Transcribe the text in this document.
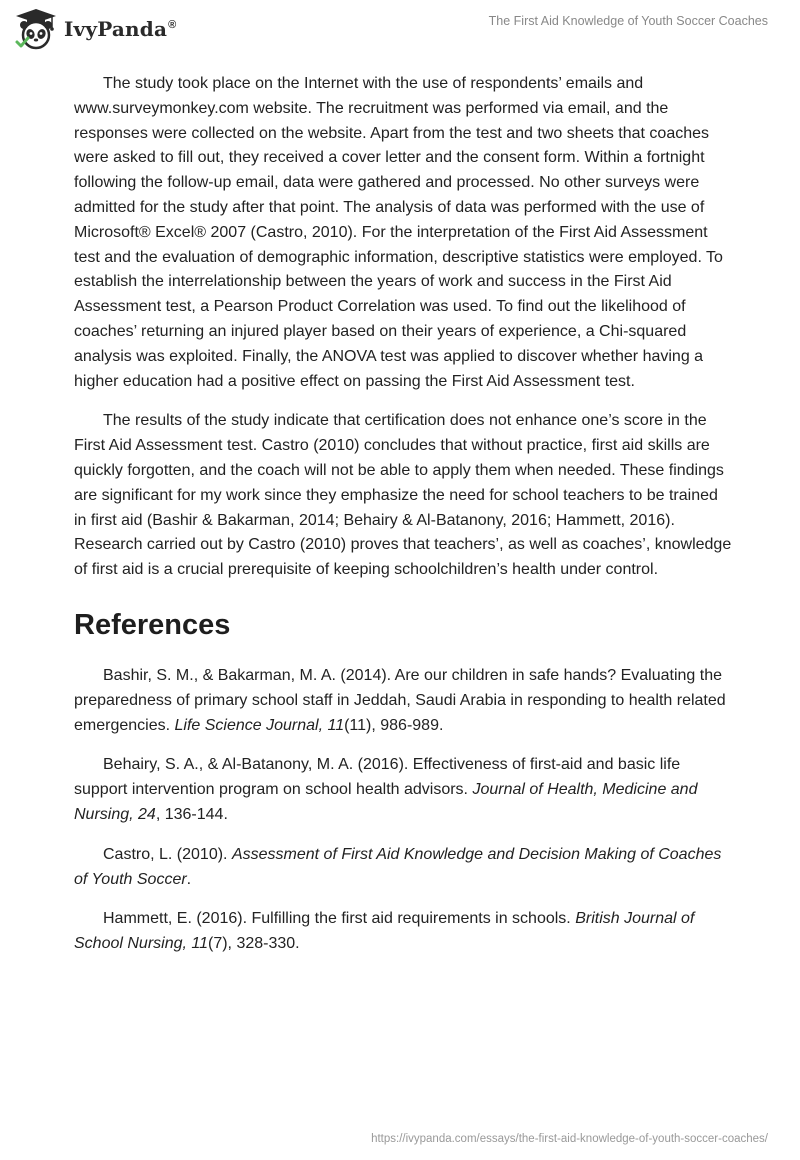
IvyPanda®	The First Aid Knowledge of Youth Soccer Coaches

The study took place on the Internet with the use of respondents’ emails and www.surveymonkey.com website. The recruitment was performed via email, and the responses were collected on the website. Apart from the test and two sheets that coaches were asked to fill out, they received a cover letter and the consent form. Within a fortnight following the follow-up email, data were gathered and processed. No other surveys were admitted for the study after that point. The analysis of data was performed with the use of Microsoft® Excel® 2007 (Castro, 2010). For the interpretation of the First Aid Assessment test and the evaluation of demographic information, descriptive statistics were employed. To establish the interrelationship between the years of work and success in the First Aid Assessment test, a Pearson Product Correlation was used. To find out the likelihood of coaches’ returning an injured player based on their years of experience, a Chi-squared analysis was exploited. Finally, the ANOVA test was applied to discover whether having a higher education had a positive effect on passing the First Aid Assessment test.

The results of the study indicate that certification does not enhance one’s score in the First Aid Assessment test. Castro (2010) concludes that without practice, first aid skills are quickly forgotten, and the coach will not be able to apply them when needed. These findings are significant for my work since they emphasize the need for school teachers to be trained in first aid (Bashir & Bakarman, 2014; Behairy & Al-Batanony, 2016; Hammett, 2016). Research carried out by Castro (2010) proves that teachers’, as well as coaches’, knowledge of first aid is a crucial prerequisite of keeping schoolchildren’s health under control.

References

Bashir, S. M., & Bakarman, M. A. (2014). Are our children in safe hands? Evaluating the preparedness of primary school staff in Jeddah, Saudi Arabia in responding to health related emergencies. Life Science Journal, 11(11), 986-989.

Behairy, S. A., & Al-Batanony, M. A. (2016). Effectiveness of first-aid and basic life support intervention program on school health advisors. Journal of Health, Medicine and Nursing, 24, 136-144.

Castro, L. (2010). Assessment of First Aid Knowledge and Decision Making of Coaches of Youth Soccer.

Hammett, E. (2016). Fulfilling the first aid requirements in schools. British Journal of School Nursing, 11(7), 328-330.

https://ivypanda.com/essays/the-first-aid-knowledge-of-youth-soccer-coaches/
